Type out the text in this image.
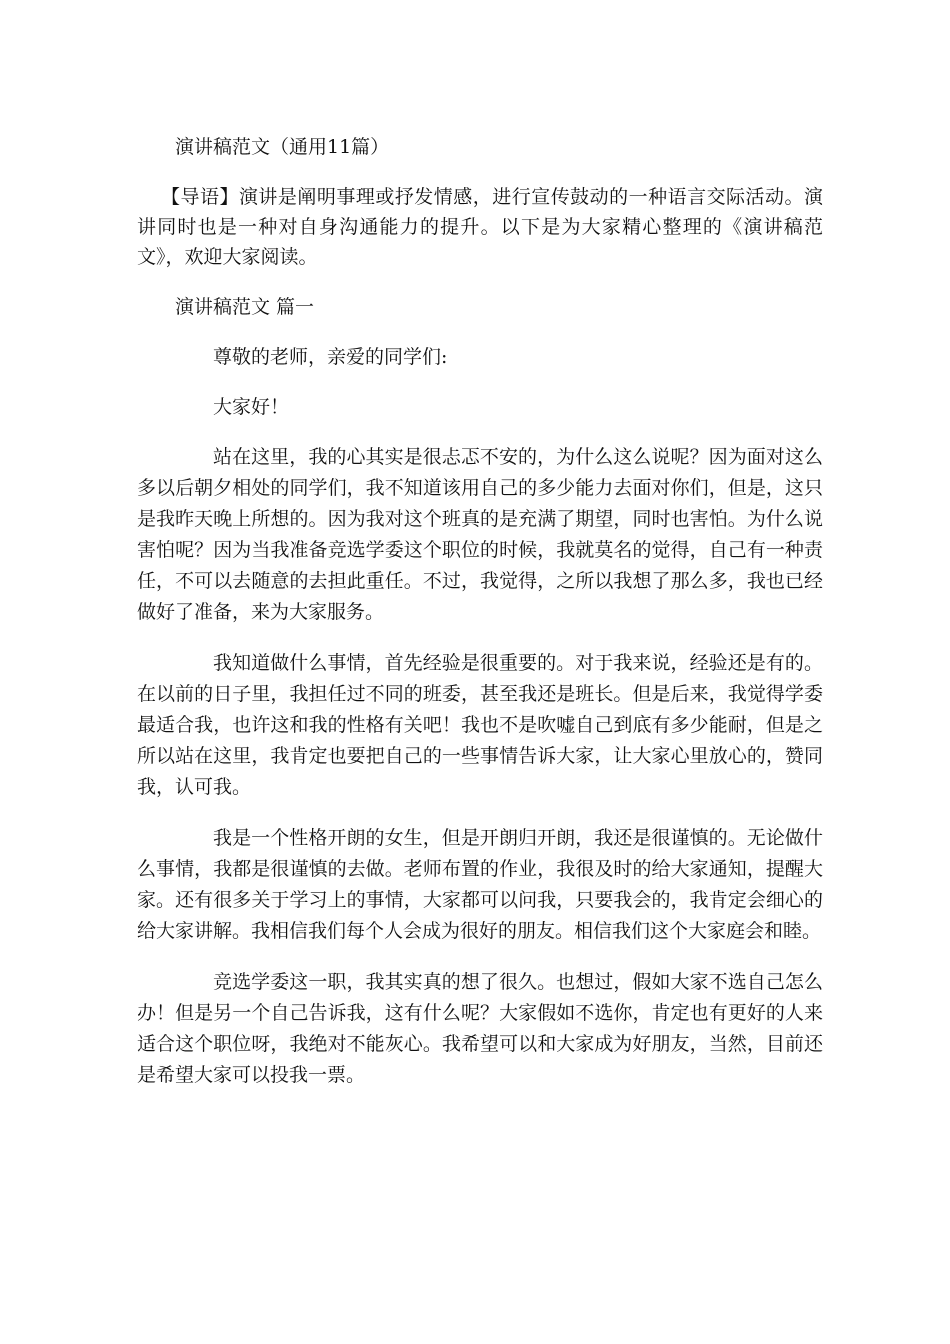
演讲稿范文（通用11篇）

【导语】演讲是阐明事理或抒发情感，进行宣传鼓动的一种语言交际活动。演讲同时也是一种对自身沟通能力的提升。以下是为大家精心整理的《演讲稿范文》，欢迎大家阅读。

演讲稿范文 篇一

尊敬的老师，亲爱的同学们:

大家好！

站在这里，我的心其实是很忐忑不安的，为什么这么说呢？因为面对这么多以后朝夕相处的同学们，我不知道该用自己的多少能力去面对你们，但是，这只是我昨天晚上所想的。因为我对这个班真的是充满了期望，同时也害怕。为什么说害怕呢？因为当我准备竞选学委这个职位的时候，我就莫名的觉得，自己有一种责任，不可以去随意的去担此重任。不过，我觉得，之所以我想了那么多，我也已经做好了准备，来为大家服务。

我知道做什么事情，首先经验是很重要的。对于我来说，经验还是有的。在以前的日子里，我担任过不同的班委，甚至我还是班长。但是后来，我觉得学委最适合我，也许这和我的性格有关吧！我也不是吹嘘自己到底有多少能耐，但是之所以站在这里，我肯定也要把自己的一些事情告诉大家，让大家心里放心的，赞同我，认可我。

我是一个性格开朗的女生，但是开朗归开朗，我还是很谨慎的。无论做什么事情，我都是很谨慎的去做。老师布置的作业，我很及时的给大家通知，提醒大家。还有很多关于学习上的事情，大家都可以问我，只要我会的，我肯定会细心的给大家讲解。我相信我们每个人会成为很好的朋友。相信我们这个大家庭会和睦。

竞选学委这一职，我其实真的想了很久。也想过，假如大家不选自己怎么办！但是另一个自己告诉我，这有什么呢？大家假如不选你，肯定也有更好的人来适合这个职位呀，我绝对不能灰心。我希望可以和大家成为好朋友，当然，目前还是希望大家可以投我一票。
